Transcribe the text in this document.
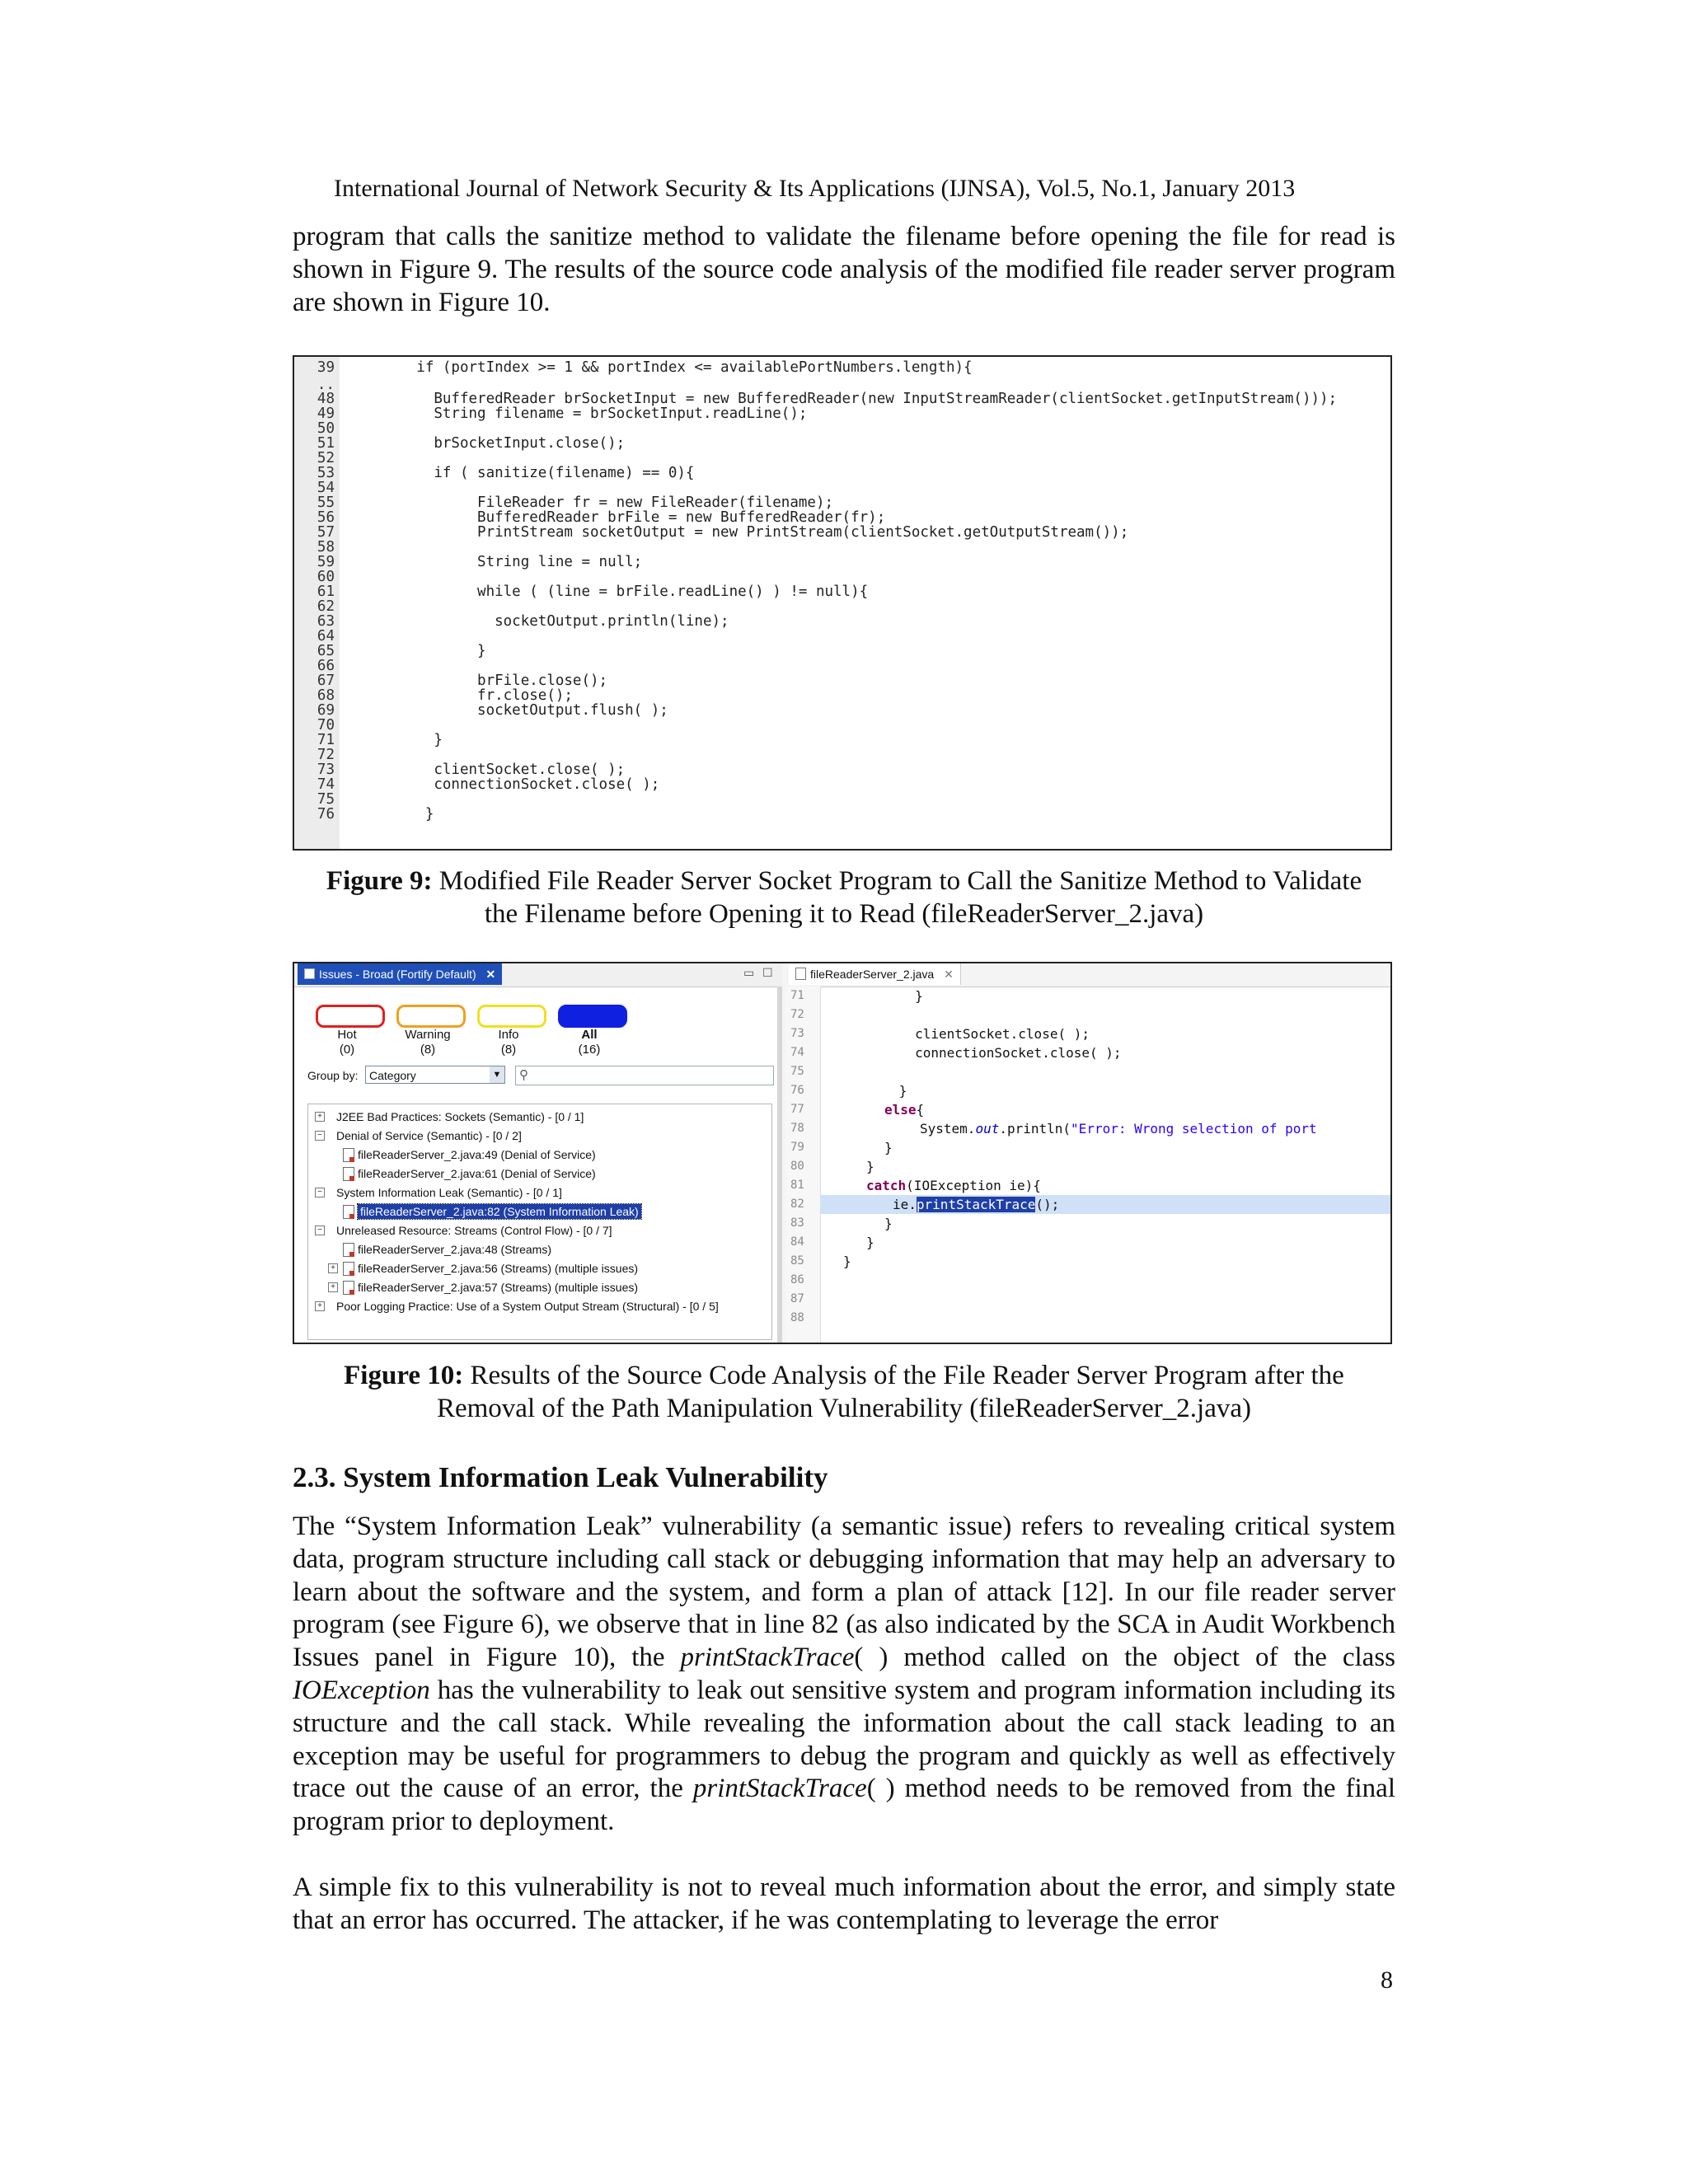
International Journal of Network Security & Its Applications (IJNSA), Vol.5, No.1, January 2013
program that calls the sanitize method to validate the filename before opening the file for read is shown in Figure 9. The results of the source code analysis of the modified file reader server program are shown in Figure 10.
39 if (portIndex >= 1 && portIndex <= availablePortNumbers.length){
..
48 BufferedReader brSocketInput = new BufferedReader(new InputStreamReader(clientSocket.getInputStream()));
49 String filename = brSocketInput.readLine();
50
51 brSocketInput.close();
52
53 if ( sanitize(filename) == 0){
54
55 FileReader fr = new FileReader(filename);
56 BufferedReader brFile = new BufferedReader(fr);
57 PrintStream socketOutput = new PrintStream(clientSocket.getOutputStream());
58
59 String line = null;
60
61 while ( (line = brFile.readLine() ) != null){
62
63 socketOutput.println(line);
64
65 }
66
67 brFile.close();
68 fr.close();
69 socketOutput.flush( );
70
71 }
72
73 clientSocket.close( );
74 connectionSocket.close( );
75
76 }
Figure 9: Modified File Reader Server Socket Program to Call the Sanitize Method to Validate
the Filename before Opening it to Read (fileReaderServer_2.java)
Issues - Broad (Fortify Default) ✕	▭ ☐
Hot
(0)
Warning
(8)
Info
(8)
All
(16)
Group by: Category	▼ ⚲
+ J2EE Bad Practices: Sockets (Semantic) - [0 / 1]
− Denial of Service (Semantic) - [0 / 2]
fileReaderServer_2.java:49 (Denial of Service)
fileReaderServer_2.java:61 (Denial of Service)
− System Information Leak (Semantic) - [0 / 1]
fileReaderServer_2.java:82 (System Information Leak)
− Unreleased Resource: Streams (Control Flow) - [0 / 7]
fileReaderServer_2.java:48 (Streams)
+ fileReaderServer_2.java:56 (Streams) (multiple issues)
+ fileReaderServer_2.java:57 (Streams) (multiple issues)
+ Poor Logging Practice: Use of a System Output Stream (Structural) - [0 / 5]
fileReaderServer_2.java ✕
71
72
73
74
75
76
77
78
79
80
81
82
83
84
85
86
87
88
}
clientSocket.close( );
connectionSocket.close( );
}
else{
System.out.println("Error: Wrong selection of port
}
}
catch(IOException ie){
ie.printStackTrace();
}
}
}
Figure 10: Results of the Source Code Analysis of the File Reader Server Program after the
Removal of the Path Manipulation Vulnerability (fileReaderServer_2.java)
2.3. System Information Leak Vulnerability
The “System Information Leak” vulnerability (a semantic issue) refers to revealing critical system data, program structure including call stack or debugging information that may help an adversary to learn about the software and the system, and form a plan of attack [12]. In our file reader server program (see Figure 6), we observe that in line 82 (as also indicated by the SCA in Audit Workbench Issues panel in Figure 10), the printStackTrace( ) method called on the object of the class IOException has the vulnerability to leak out sensitive system and program information including its structure and the call stack. While revealing the information about the call stack leading to an exception may be useful for programmers to debug the program and quickly as well as effectively trace out the cause of an error, the printStackTrace( ) method needs to be removed from the final program prior to deployment.
A simple fix to this vulnerability is not to reveal much information about the error, and simply state that an error has occurred. The attacker, if he was contemplating to leverage the error
8
